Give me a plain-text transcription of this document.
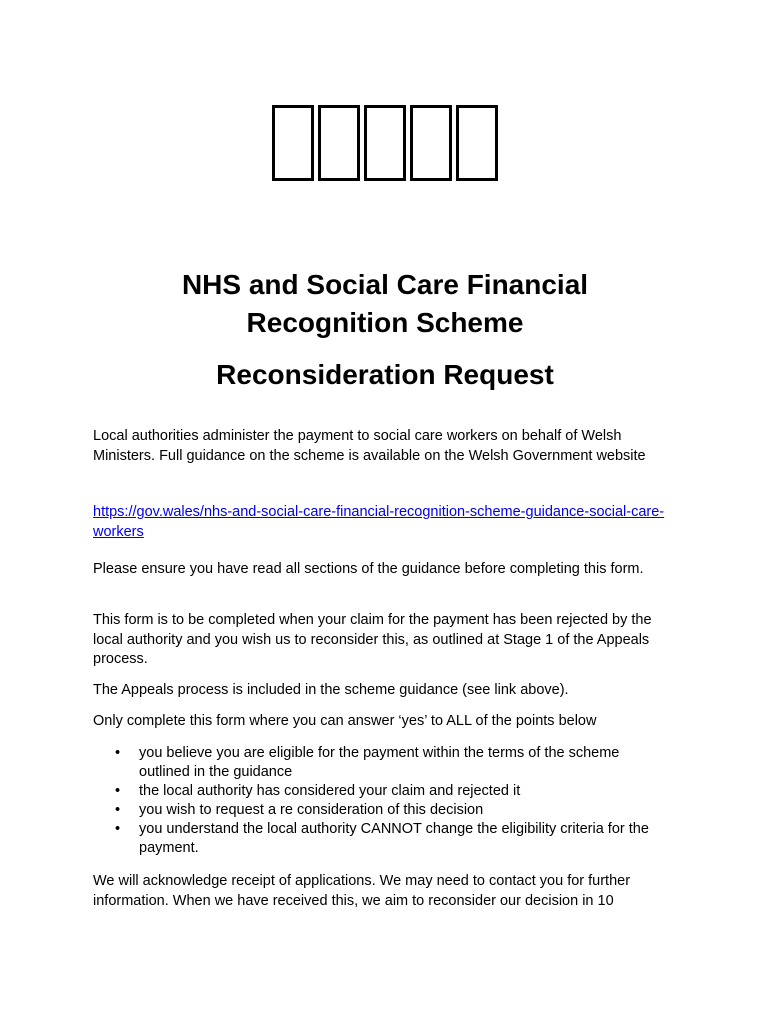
NHS and Social Care Financial
Recognition Scheme
Reconsideration Request
Local authorities administer the payment to social care workers on behalf of Welsh Ministers. Full guidance on the scheme is available on the Welsh Government website
https://gov.wales/nhs-and-social-care-financial-recognition-scheme-guidance-social-care-workers
Please ensure you have read all sections of the guidance before completing this form.
This form is to be completed when your claim for the payment has been rejected by the local authority and you wish us to reconsider this, as outlined at Stage 1 of the Appeals process.
The Appeals process is included in the scheme guidance (see link above).
Only complete this form where you can answer ‘yes’ to ALL of the points below
• you believe you are eligible for the payment within the terms of the scheme outlined in the guidance
• the local authority has considered your claim and rejected it
• you wish to request a re consideration of this decision
• you understand the local authority CANNOT change the eligibility criteria for the payment.
We will acknowledge receipt of applications. We may need to contact you for further information. When we have received this, we aim to reconsider our decision in 10
